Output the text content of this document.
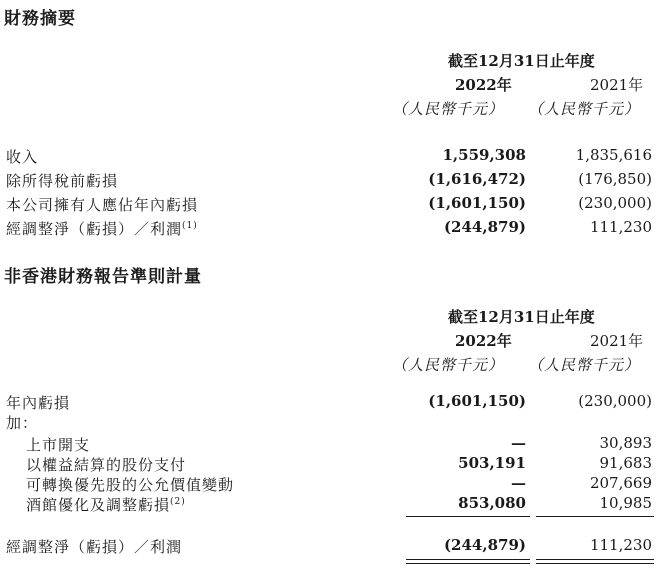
財務摘要
截至12月31日止年度
2022年	2021年
（人民幣千元） （人民幣千元）
收入	1,559,308	1,835,616
除所得稅前虧損	(1,616,472)	(176,850)
本公司擁有人應佔年內虧損	(1,601,150)	(230,000)
經調整淨（虧損）／利潤$^{(1)}$	(244,879)	111,230
非香港財務報告準則計量
截至12月31日止年度
2022年	2021年
（人民幣千元） （人民幣千元）
年內虧損	(1,601,150)	(230,000)
加：
上市開支	—	30,893
以權益結算的股份支付	503,191	91,683
可轉換優先股的公允價值變動	—	207,669
酒館優化及調整虧損$^{(2)}$	853,080	10,985
經調整淨（虧損）／利潤	(244,879)	111,230
